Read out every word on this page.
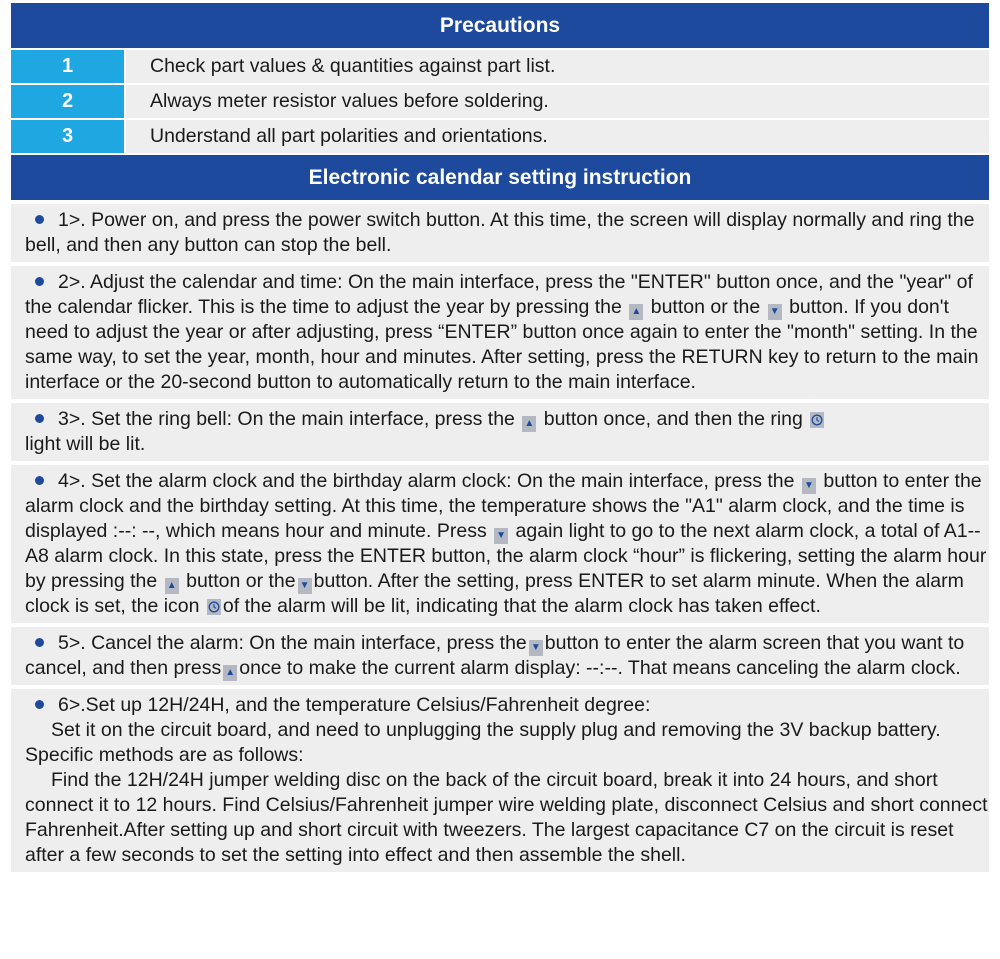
Precautions
1	Check part values & quantities against part list.
2	Always meter resistor values before soldering.
3	Understand all part polarities and orientations.
Electronic calendar setting instruction

1>. Power on, and press the power switch button. At this time, the screen will display normally and ring the bell, and then any button can stop the bell.

2>. Adjust the calendar and time: On the main interface, press the "ENTER" button once, and the "year" of the calendar flicker. This is the time to adjust the year by pressing the ▲ button or the ▼ button. If you don't need to adjust the year or after adjusting, press “ENTER” button once again to enter the "month" setting. In the same way, to set the year, month, hour and minutes. After setting, press the RETURN key to return to the main interface or the 20-second button to automatically return to the main interface.

3>. Set the ring bell: On the main interface, press the ▲ button once, and then the ring

light will be lit.

4>. Set the alarm clock and the birthday alarm clock: On the main interface, press the ▼ button to enter the alarm clock and the birthday setting. At this time, the temperature shows the "A1" alarm clock, and the time is displayed :--: --, which means hour and minute. Press ▼ again light to go to the next alarm clock, a total of A1-- A8 alarm clock. In this state, press the ENTER button, the alarm clock “hour” is flickering, setting the alarm hour by pressing the ▲ button or the ▼ button. After the setting, press ENTER to set alarm minute. When the alarm clock is set, the icon of the alarm will be lit, indicating that the alarm clock has taken effect.

5>. Cancel the alarm: On the main interface, press the ▼ button to enter the alarm screen that you want to cancel, and then press ▲ once to make the current alarm display: --:--. That means canceling the alarm clock.

6>.Set up 12H/24H, and the temperature Celsius/Fahrenheit degree:

Set it on the circuit board, and need to unplugging the supply plug and removing the 3V backup battery. Specific methods are as follows:

Find the 12H/24H jumper welding disc on the back of the circuit board, break it into 24 hours, and short connect it to 12 hours. Find Celsius/Fahrenheit jumper wire welding plate, disconnect Celsius and short connect Fahrenheit.After setting up and short circuit with tweezers. The largest capacitance C7 on the circuit is reset after a few seconds to set the setting into effect and then assemble the shell.
